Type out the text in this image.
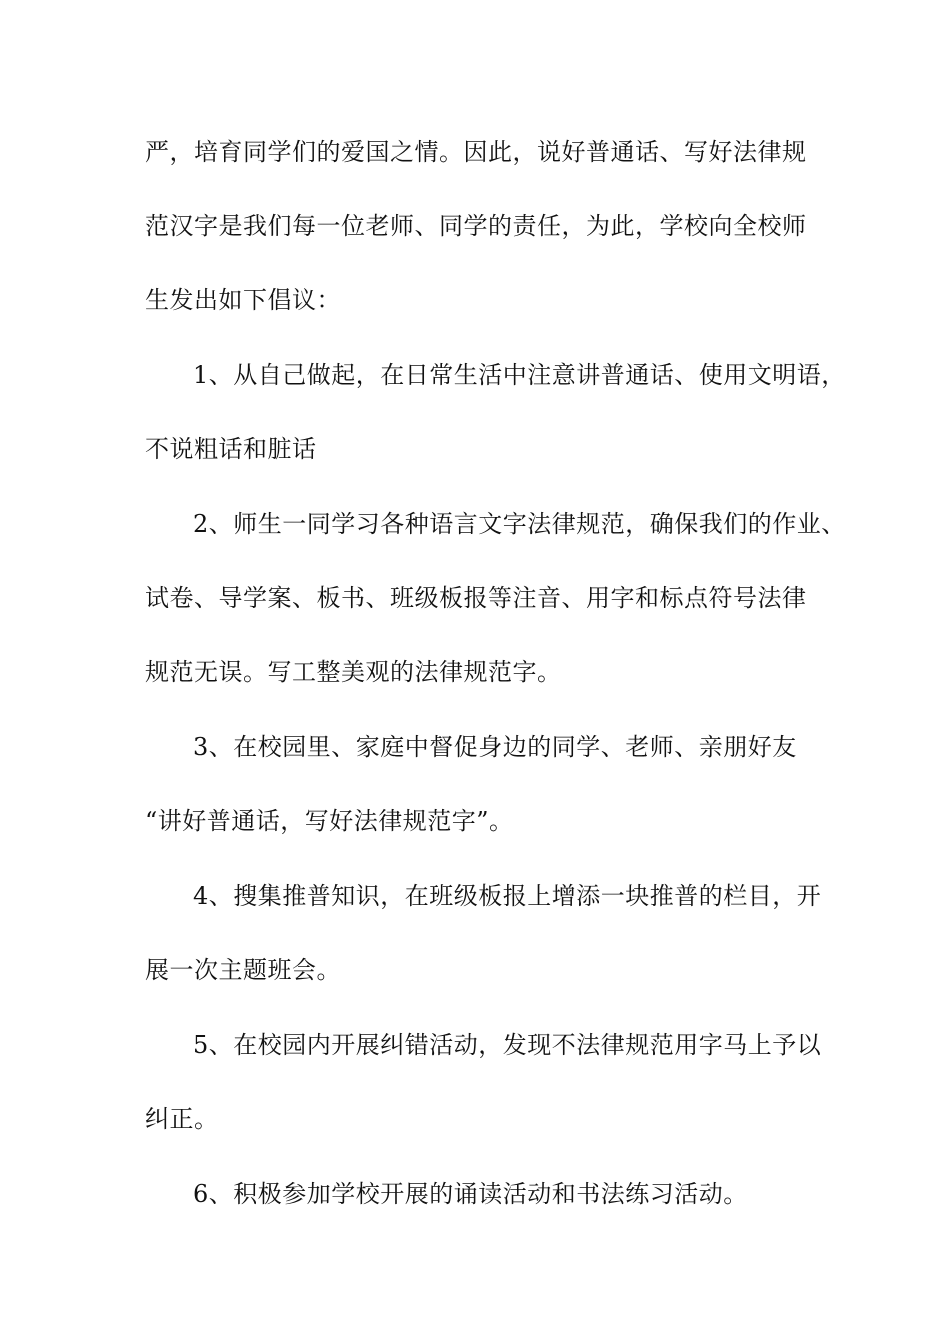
严，培育同学们的爱国之情。因此，说好普通话、写好法律规
范汉字是我们每一位老师、同学的责任，为此，学校向全校师
生发出如下倡议：
1、从自己做起，在日常生活中注意讲普通话、使用文明语，
不说粗话和脏话
2、师生一同学习各种语言文字法律规范，确保我们的作业、
试卷、导学案、板书、班级板报等注音、用字和标点符号法律
规范无误。写工整美观的法律规范字。
3、在校园里、家庭中督促身边的同学、老师、亲朋好友
“讲好普通话，写好法律规范字”。
4、搜集推普知识，在班级板报上增添一块推普的栏目，开
展一次主题班会。
5、在校园内开展纠错活动，发现不法律规范用字马上予以
纠正。
6、积极参加学校开展的诵读活动和书法练习活动。
